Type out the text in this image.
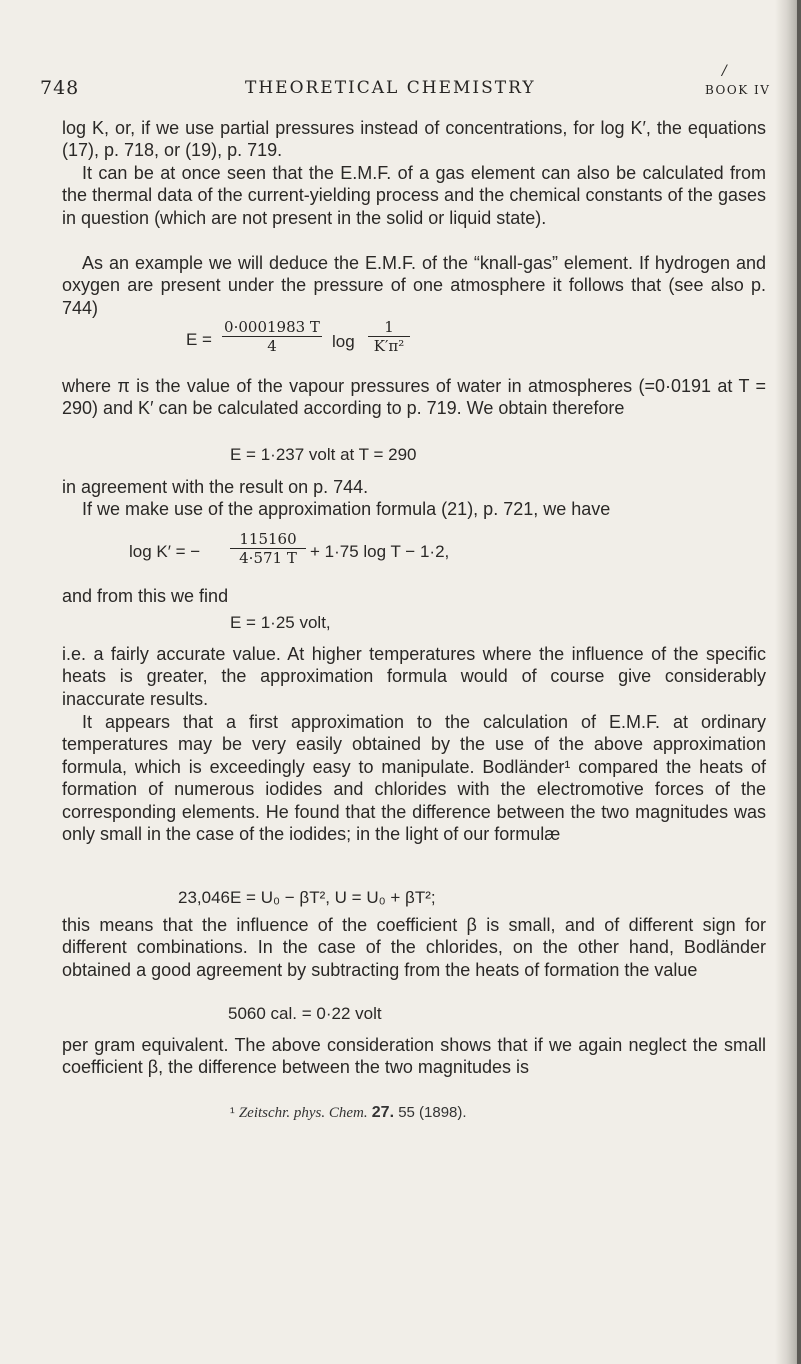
748	THEORETICAL CHEMISTRY
/
BOOK IV

log K, or, if we use partial pressures instead of concentrations, for log K′, the equations (17), p. 718, or (19), p. 719.

It can be at once seen that the E.M.F. of a gas element can also be calculated from the thermal data of the current-yielding process and the chemical constants of the gases in question (which are not present in the solid or liquid state).

As an example we will deduce the E.M.F. of the “knall-gas” element. If hydrogen and oxygen are present under the pressure of one atmosphere it follows that (see also p. 744)

$E = \frac{0\cdot 0001983 T}{4}$ $\log \frac{1}{\text{K′π²}}$

where π is the value of the vapour pressures of water in atmospheres (=0·0191 at T = 290) and K′ can be calculated according to p. 719. We obtain therefore

E = 1·237 volt at T = 290

in agreement with the result on p. 744.

If we make use of the approximation formula (21), p. 721, we have

log K′ = − $\frac{115160}{4\cdot 571 T} + 1\cdot 75$ log T − 1·2,

and from this we find

E = 1·25 volt,

i.e. a fairly accurate value. At higher temperatures where the influence of the specific heats is greater, the approximation formula would of course give considerably inaccurate results.

It appears that a first approximation to the calculation of E.M.F. at ordinary temperatures may be very easily obtained by the use of the above approximation formula, which is exceedingly easy to manipulate. Bodländer¹ compared the heats of formation of numerous iodides and chlorides with the electromotive forces of the corresponding elements. He found that the difference between the two magnitudes was only small in the case of the iodides; in the light of our formulæ

23,046E = U₀ − βT², U = U₀ + βT²;

this means that the influence of the coefficient β is small, and of different sign for different combinations. In the case of the chlorides, on the other hand, Bodländer obtained a good agreement by subtracting from the heats of formation the value

5060 cal. = 0·22 volt

per gram equivalent. The above consideration shows that if we again neglect the small coefficient β, the difference between the two magnitudes is

¹ Zeitschr. phys. Chem. 27. 55 (1898).
